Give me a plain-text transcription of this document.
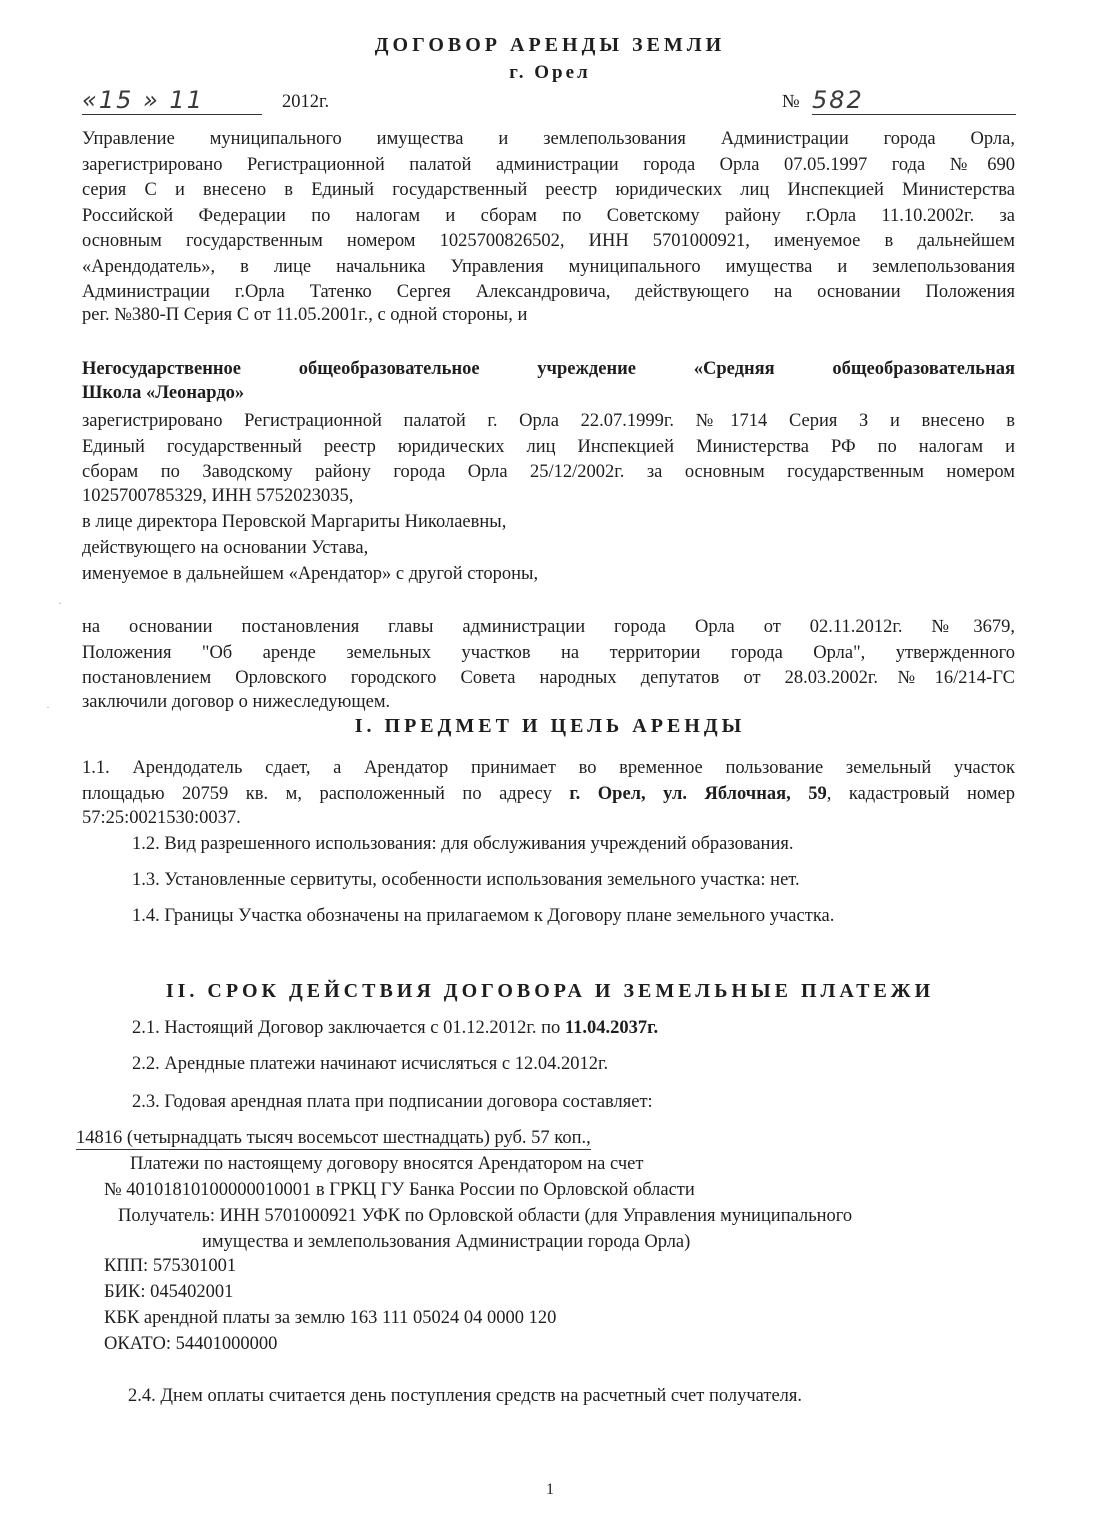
ДОГОВОР АРЕНДЫ ЗЕМЛИ
г. Орел
«15 » 11	2012г.	№ 582
Управление муниципального имущества и землепользования Администрации города Орла,
зарегистрировано Регистрационной палатой администрации города Орла 07.05.1997 года №690
серия С и внесено в Единый государственный реестр юридических лиц Инспекцией Министерства
Российской Федерации по налогам и сборам по Советскому району г.Орла 11.10.2002г. за
основным государственным номером 1025700826502, ИНН 5701000921, именуемое в дальнейшем
«Арендодатель», в лице начальника Управления муниципального имущества и землепользования
Администрации г.Орла Татенко Сергея Александровича, действующего на основании Положения
рег. №380-П Серия С от 11.05.2001г., с одной стороны, и
Негосударственное общеобразовательное учреждение «Средняя общеобразовательная
Школа «Леонардо»
зарегистрировано Регистрационной палатой г. Орла 22.07.1999г. №1714 Серия З и внесено в
Единый государственный реестр юридических лиц Инспекцией Министерства РФ по налогам и
сборам по Заводскому району города Орла 25/12/2002г. за основным государственным номером
1025700785329, ИНН 5752023035,
в лице директора Перовской Маргариты Николаевны,
действующего на основании Устава,
именуемое в дальнейшем «Арендатор» с другой стороны,
на основании постановления главы администрации города Орла от 02.11.2012г. №3679,
Положения "Об аренде земельных участков на территории города Орла", утвержденного
постановлением Орловского городского Совета народных депутатов от 28.03.2002г.№16/214-ГС
заключили договор о нижеследующем.
I. ПРЕДМЕТ И ЦЕЛЬ АРЕНДЫ
1.1. Арендодатель сдает, а Арендатор принимает во временное пользование земельный участок
площадью 20759 кв. м, расположенный по адресу г. Орел, ул. Яблочная, 59, кадастровый номер
57:25:0021530:0037.
1.2. Вид разрешенного использования: для обслуживания учреждений образования.
1.3. Установленные сервитуты, особенности использования земельного участка: нет.
1.4. Границы Участка обозначены на прилагаемом к Договору плане земельного участка.
II. СРОК ДЕЙСТВИЯ ДОГОВОРА И ЗЕМЕЛЬНЫЕ ПЛАТЕЖИ
2.1. Настоящий Договор заключается с 01.12.2012г. по 11.04.2037г.
2.2. Арендные платежи начинают исчисляться с 12.04.2012г.
2.3. Годовая арендная плата при подписании договора составляет:
14816 (четырнадцать тысяч восемьсот шестнадцать) руб. 57 коп.,
Платежи по настоящему договору вносятся Арендатором на счет
№ 40101810100000010001 в ГРКЦ ГУ Банка России по Орловской области
Получатель: ИНН 5701000921 УФК по Орловской области (для Управления муниципального
имущества и землепользования Администрации города Орла)
КПП: 575301001
БИК: 045402001
КБК арендной платы за землю 163 111 05024 04 0000 120
ОКАТО: 54401000000
2.4. Днем оплаты считается день поступления средств на расчетный счет получателя.
1
·
·
